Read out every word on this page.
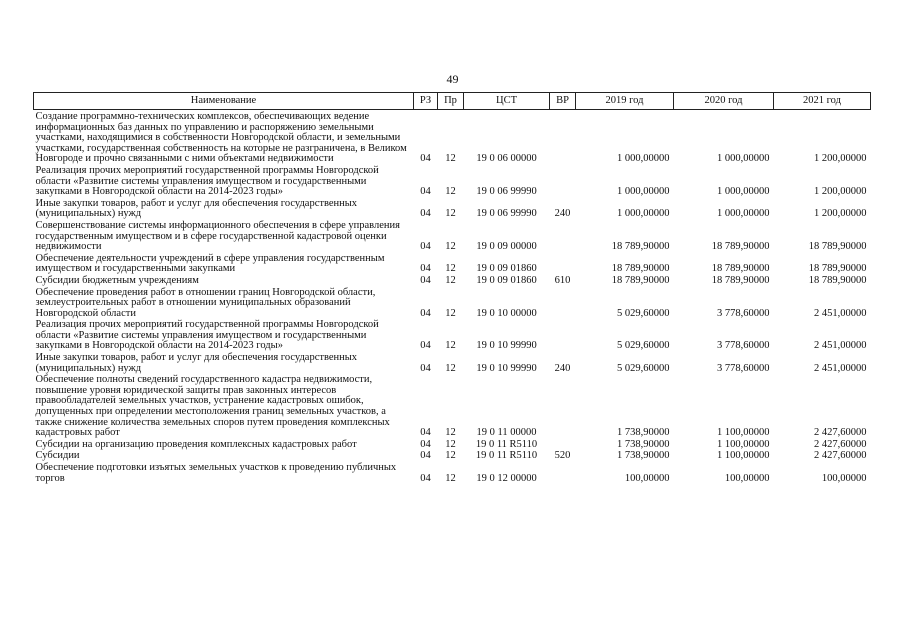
49
Наименование	РЗ	Пр	ЦСТ	ВР	2019 год	2020 год	2021 год
Создание программно-технических комплексов, обеспечивающих ведение информационных баз данных по управлению и распоряжению земельными участками, находящимися в собственности Новгородской области, и земельными участками, государственная собственность на которые не разграничена, в Великом Новгороде и прочно связанными с ними объектами недвижимости	04	12	19 0 06 00000		1 000,00000	1 000,00000	1 200,00000
Реализация прочих мероприятий государственной программы Новгородской области «Развитие системы управления имуществом и государственными закупками в Новгородской области на 2014-2023 годы»	04	12	19 0 06 99990		1 000,00000	1 000,00000	1 200,00000
Иные закупки товаров, работ и услуг для обеспечения государственных (муниципальных) нужд	04	12	19 0 06 99990	240	1 000,00000	1 000,00000	1 200,00000
Совершенствование системы информационного обеспечения в сфере управления государственным имуществом и в сфере государственной кадастровой оценки недвижимости	04	12	19 0 09 00000		18 789,90000	18 789,90000	18 789,90000
Обеспечение деятельности учреждений в сфере управления государственным имуществом и государственными закупками	04	12	19 0 09 01860		18 789,90000	18 789,90000	18 789,90000
Субсидии бюджетным учреждениям	04	12	19 0 09 01860	610	18 789,90000	18 789,90000	18 789,90000
Обеспечение проведения работ в отношении границ Новгородской области, землеустроительных работ в отношении муниципальных образований Новгородской области	04	12	19 0 10 00000		5 029,60000	3 778,60000	2 451,00000
Реализация прочих мероприятий государственной программы Новгородской области «Развитие системы управления имуществом и государственными закупками в Новгородской области на 2014-2023 годы»	04	12	19 0 10 99990		5 029,60000	3 778,60000	2 451,00000
Иные закупки товаров, работ и услуг для обеспечения государственных (муниципальных) нужд	04	12	19 0 10 99990	240	5 029,60000	3 778,60000	2 451,00000
Обеспечение полноты сведений государственного кадастра недвижимости, повышение уровня юридической защиты прав законных интересов правообладателей земельных участков, устранение кадастровых ошибок, допущенных при определении местоположения границ земельных участков, а также снижение количества земельных споров путем проведения комплексных кадастровых работ	04	12	19 0 11 00000		1 738,90000	1 100,00000	2 427,60000
Субсидии на организацию проведения комплексных кадастровых работ	04	12	19 0 11 R5110		1 738,90000	1 100,00000	2 427,60000
Субсидии	04	12	19 0 11 R5110	520	1 738,90000	1 100,00000	2 427,60000
Обеспечение подготовки изъятых земельных участков к проведению публичных торгов	04	12	19 0 12 00000		100,00000	100,00000	100,00000
